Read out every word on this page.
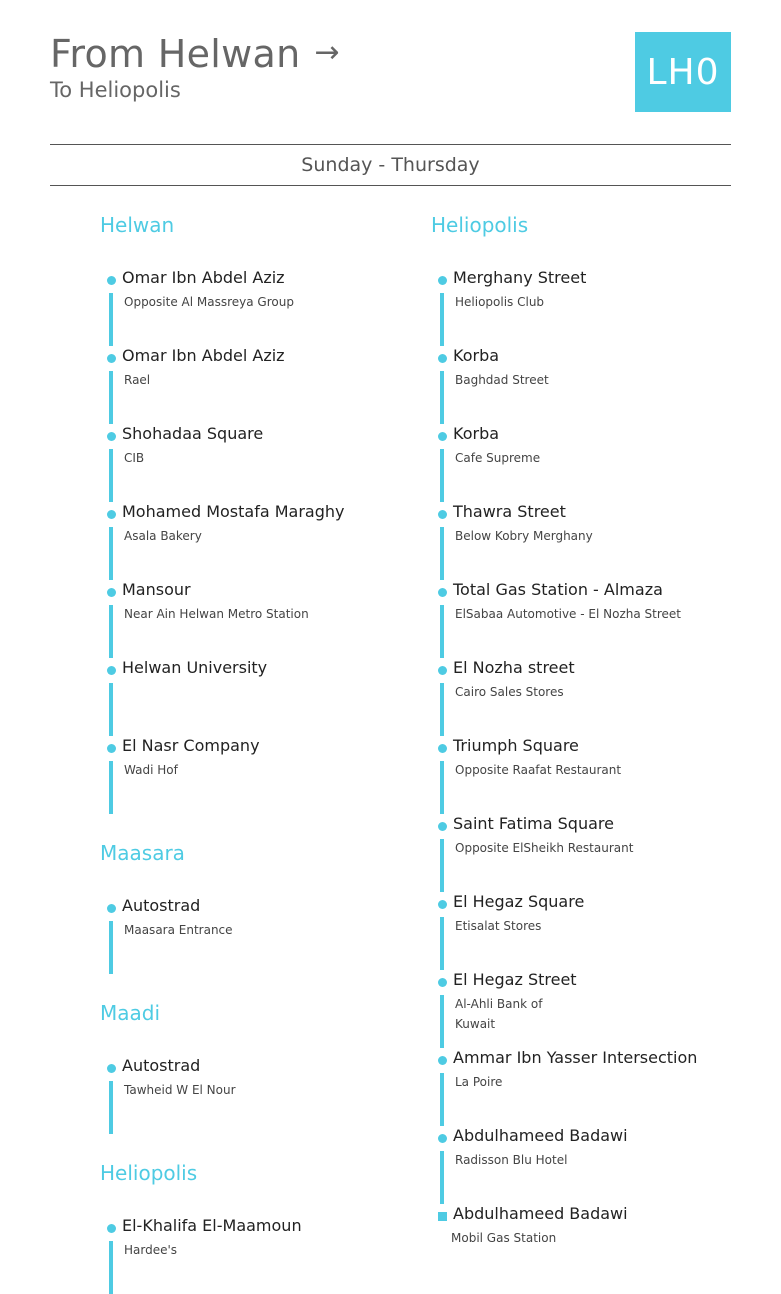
From Helwan →
To Heliopolis	LH0
Sunday - Thursday
Helwan
Omar Ibn Abdel Aziz
Opposite Al Massreya Group
Omar Ibn Abdel Aziz
Rael
Shohadaa Square
CIB
Mohamed Mostafa Maraghy
Asala Bakery
Mansour
Near Ain Helwan Metro Station
Helwan University
El Nasr Company
Wadi Hof
Maasara
Autostrad
Maasara Entrance
Maadi
Autostrad
Tawheid W El Nour
Heliopolis
El-Khalifa El-Maamoun
Hardee's
Heliopolis
Merghany Street
Heliopolis Club
Korba
Baghdad Street
Korba
Cafe Supreme
Thawra Street
Below Kobry Merghany
Total Gas Station - Almaza
ElSabaa Automotive - El Nozha Street
El Nozha street
Cairo Sales Stores
Triumph Square
Opposite Raafat Restaurant
Saint Fatima Square
Opposite ElSheikh Restaurant
El Hegaz Square
Etisalat Stores
El Hegaz Street
Al-Ahli Bank of Kuwait
Ammar Ibn Yasser Intersection
La Poire
Abdulhameed Badawi
Radisson Blu Hotel
Abdulhameed Badawi
Mobil Gas Station
